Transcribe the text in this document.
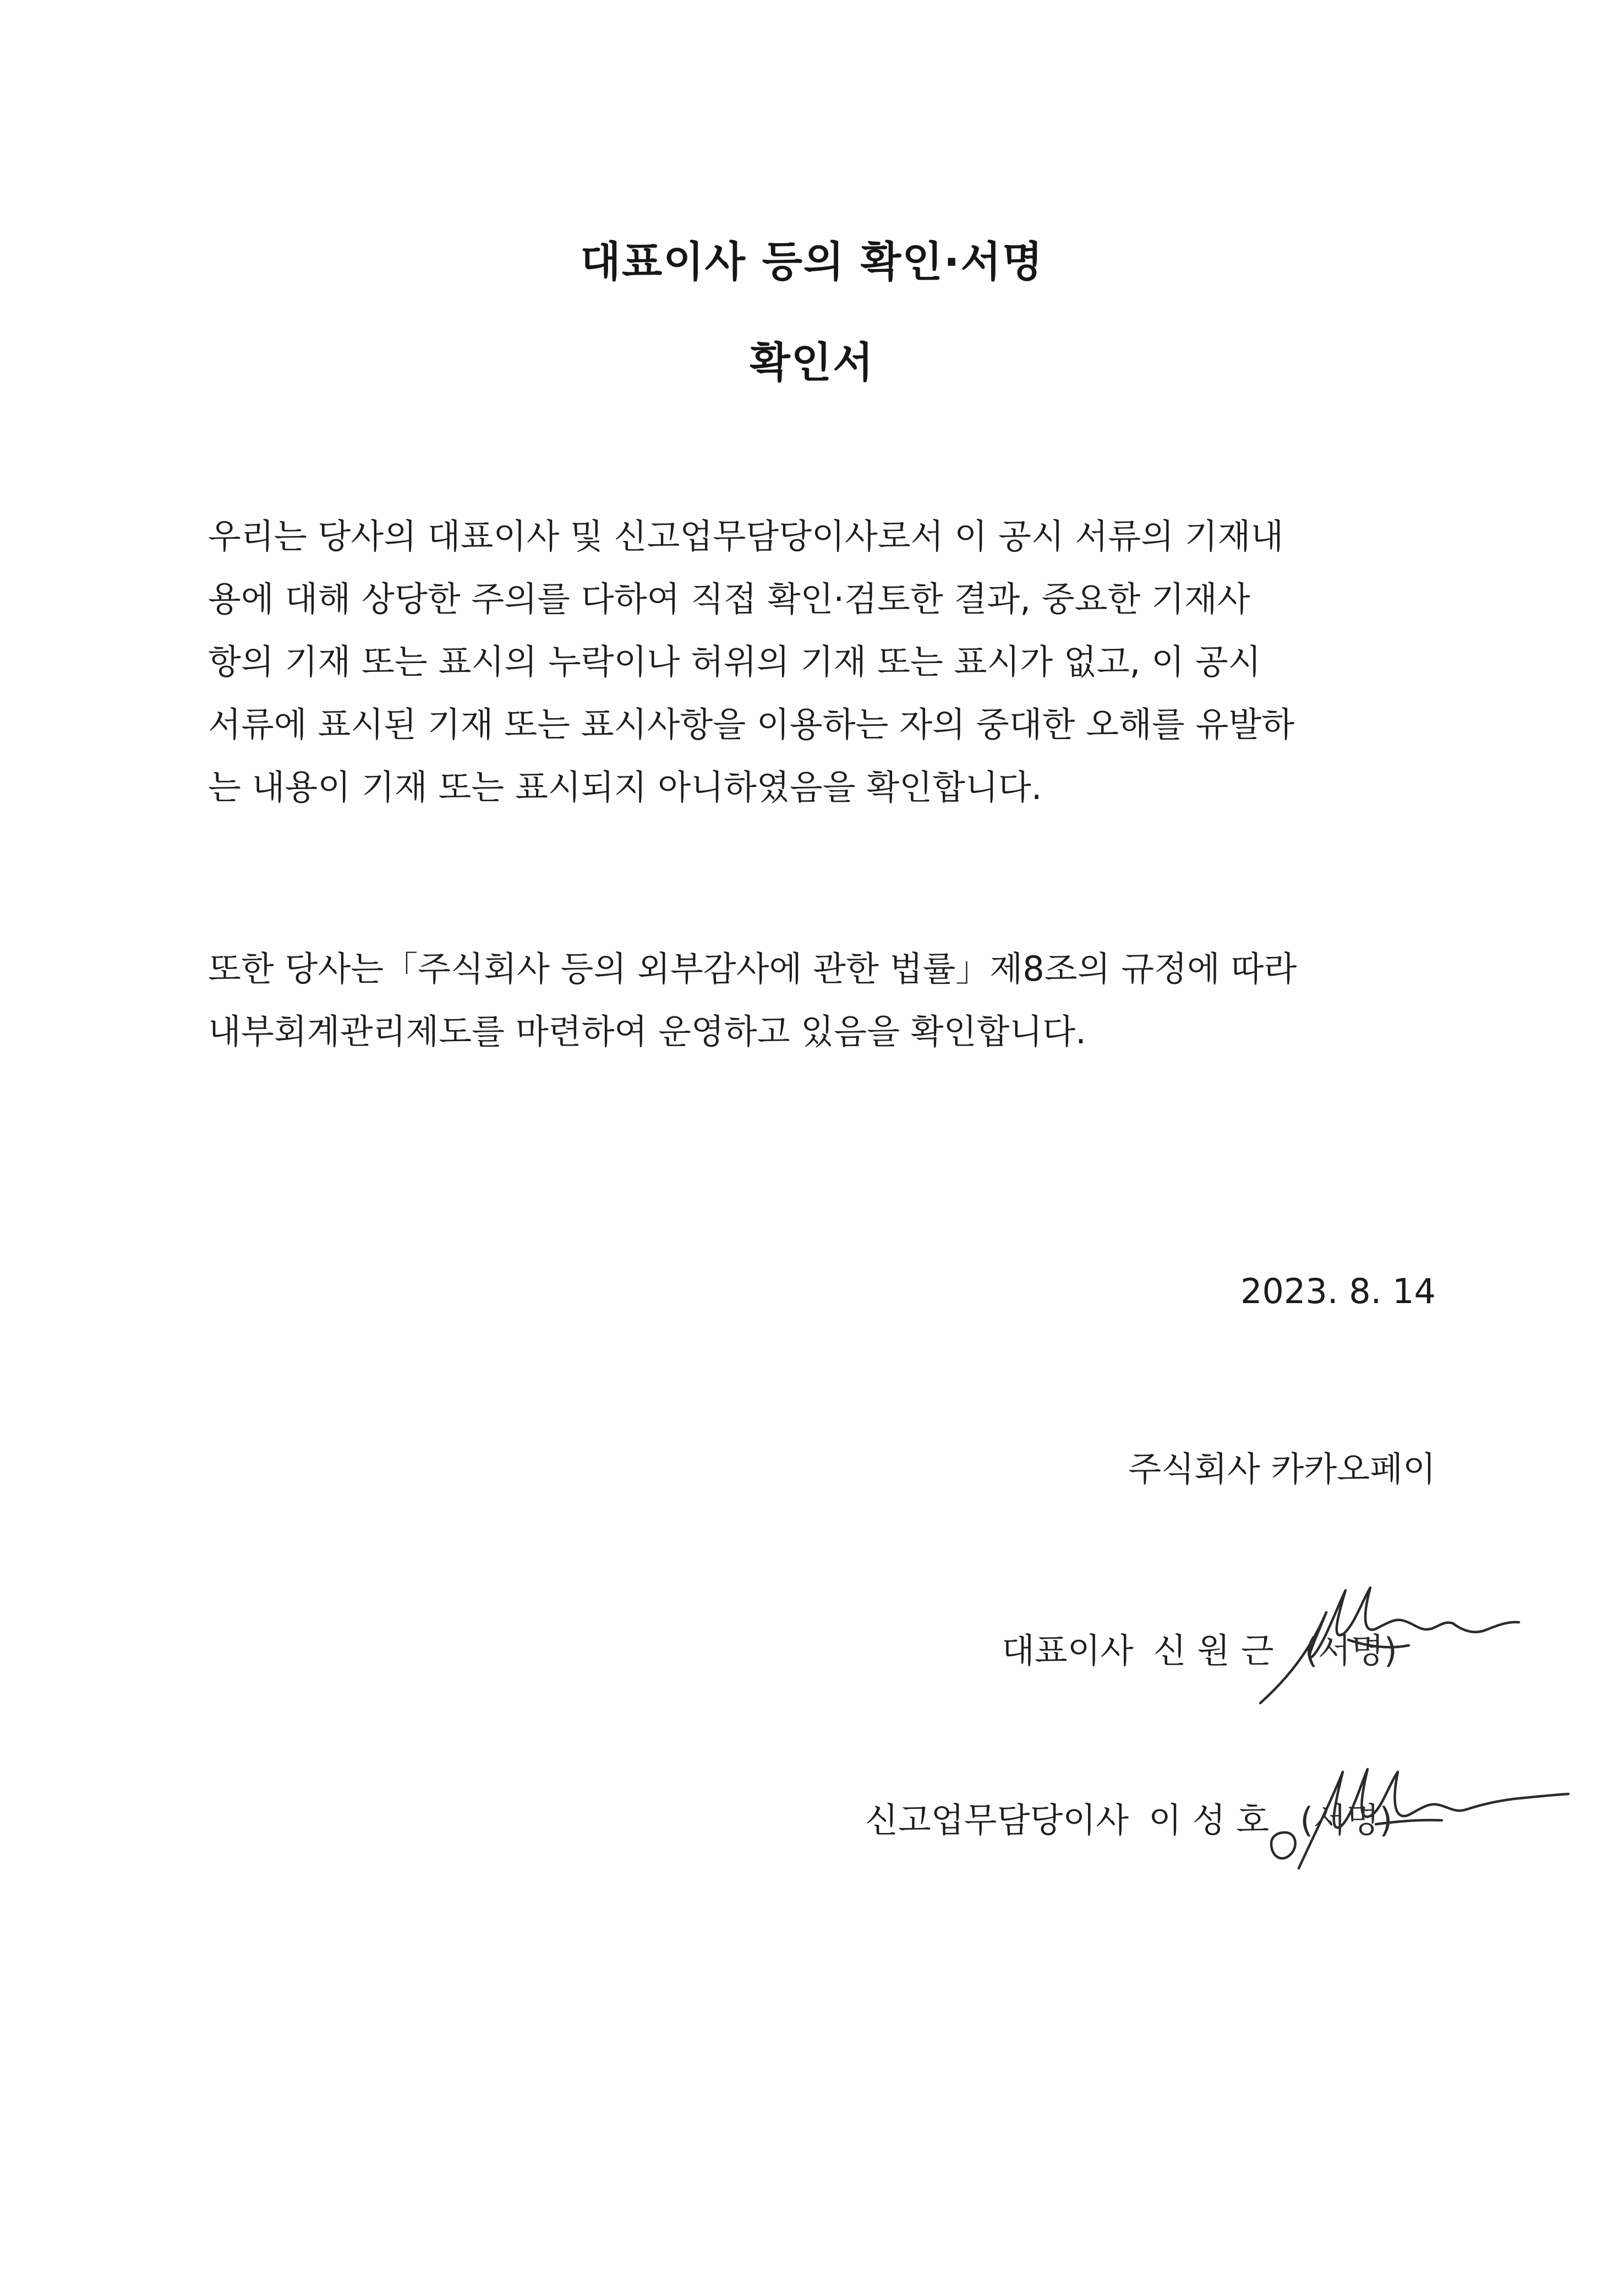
대표이사 등의 확인·서명
확인서
우리는 당사의 대표이사 및 신고업무담당이사로서 이 공시 서류의 기재내
용에 대해 상당한 주의를 다하여 직접 확인·검토한 결과, 중요한 기재사
항의 기재 또는 표시의 누락이나 허위의 기재 또는 표시가 없고, 이 공시
서류에 표시된 기재 또는 표시사항을 이용하는 자의 중대한 오해를 유발하
는 내용이 기재 또는 표시되지 아니하였음을 확인합니다.
또한 당사는「주식회사 등의 외부감사에 관한 법률」제8조의 규정에 따라
내부회계관리제도를 마련하여 운영하고 있음을 확인합니다.
2023. 8. 14
주식회사 카카오페이
대표이사 신 원 근 (서명)
신고업무담당이사 이 성 호 (서명)
